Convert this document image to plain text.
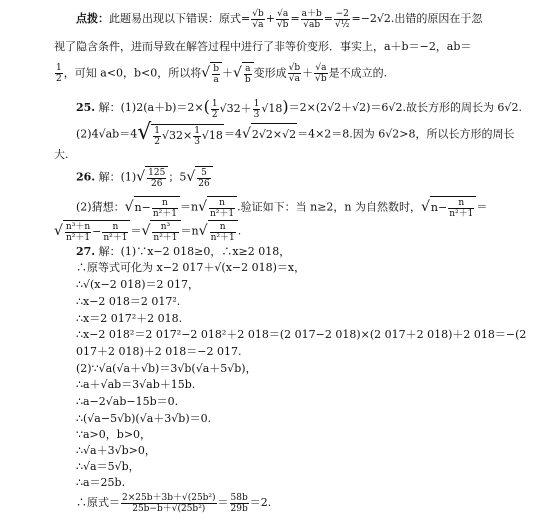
点拨：此题易出现以下错误：原式= $\frac{√b}{√a} + \frac{√a}{√b} = \frac{a+b}{√ab} = \frac{-2}{\text{√½}} =-2√2$.出错的原因在于忽
视了隐含条件，进而导致在解答过程中进行了非等价变形．事实上，a＋b＝−2，ab＝
$\frac{1}{2}$ ，可知 a<0，b<0，所以将√ $\frac{b}{a}$ ＋√ $\frac{a}{b}$ 变形成 $\frac{√b}{√a} + \frac{√a}{√b}$ 是不成立的.
25. 解：$(1)2(a+b)=2\times( \frac{1}{2} √32+ \frac{1}{3} √18)=2\times(2√2+√2)=6√2$.故长方形的周长为 6√2.
$(2)4√ab=4√ \frac{1}{2} √32\times \frac{1}{3} √18=4√2√2\times√2=4\times 2=8$.因为 6√2>8，所以长方形的周长
大.
26. 解：$(1)√ \frac{125}{26}$ ；$5√ \frac{5}{26}$
(2)猜想：$√n- \frac{n}{\text{n²＋1}} =n√ \frac{n}{\text{n²＋1}}$ .验证如下：当 n≥2，n 为自然数时，$√n- \frac{n}{\text{n²＋1}}$ ＝
√ $\frac{\text{n³＋n}}{\text{n²＋1}} - \frac{n}{\text{n²＋1}}$ ＝√ $\frac{\text{n³}}{\text{n²＋1}} =n√ \frac{n}{\text{n²＋1}}$ .
27. 解：(1)∵x−2 018≥0，∴x≥2 018，
∴原等式可化为 x−2 017＋√(x−2 018)＝x，
∴√(x−2 018)＝2 017，
∴x−2 018＝2 017².
∴x＝2 017²＋2 018.
∴x−2 018²＝2 017²−2 018²＋2 018＝(2 017−2 018)×(2 017＋2 018)＋2 018＝−(2
017＋2 018)＋2 018＝−2 017.
(2)∵√a(√a＋√b)＝3√b(√a＋5√b)，
∴a＋√ab＝3√ab＋15b.
∴a−2√ab−15b＝0.
∴(√a−5√b)(√a＋3√b)＝0.
∵a>0，b>0，
∴√a＋3√b>0，
∴√a＝5√b，
∴a＝25b.
∴原式＝ $\frac{\text{2×25b＋3b＋√(25b²)}}{\text{25b−b＋√(25b²)}} = \frac{58b}{29b} =2$.
